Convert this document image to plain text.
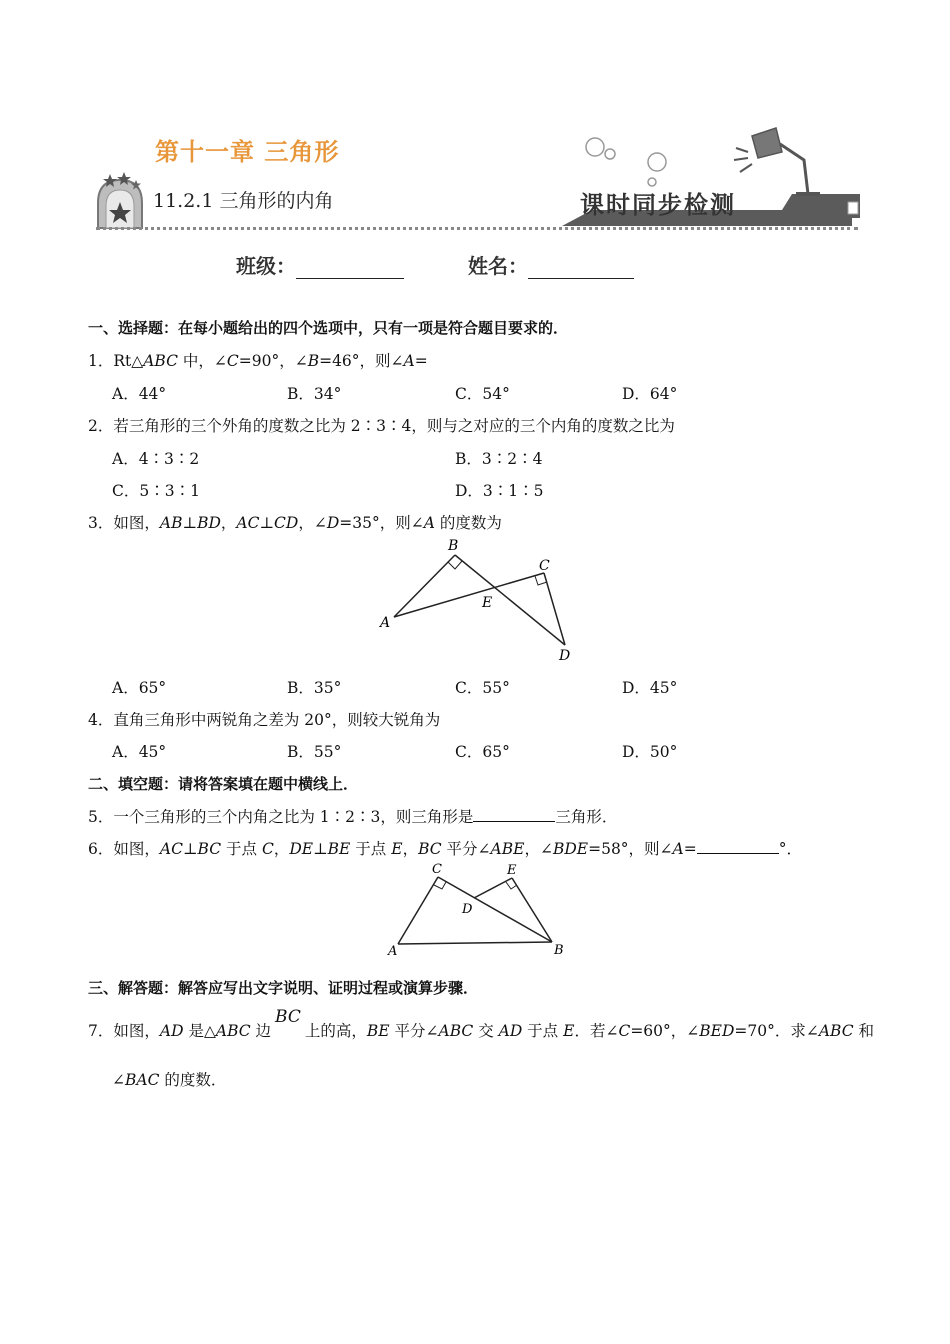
第十一章 三角形
11.2.1 三角形的内角	课时同步检测
班级：	姓名：
一、选择题：在每小题给出的四个选项中，只有一项是符合题目要求的．
1．Rt△ABC 中，∠C=90°，∠B=46°，则∠A=
A．44°	B．34°	C．54°	D．64°
2．若三角形的三个外角的度数之比为 2∶3∶4，则与之对应的三个内角的度数之比为
A．4∶3∶2	B．3∶2∶4
C．5∶3∶1	D．3∶1∶5
3．如图，AB⊥BD，AC⊥CD，∠D=35°，则∠A 的度数为
A
B
C
D
E
A．65°	B．35°	C．55°	D．45°
4．直角三角形中两锐角之差为 20°，则较大锐角为
A．45°	B．55°	C．65°	D．50°
二、填空题：请将答案填在题中横线上．
5．一个三角形的三个内角之比为 1∶2∶3，则三角形是	三角形．
6．如图，AC⊥BC 于点 C，DE⊥BE 于点 E，BC 平分∠ABE，∠BDE=58°，则∠A=	°．
A	B
C
D
E
三、解答题：解答应写出文字说明、证明过程或演算步骤．
7．如图，AD 是△ABC 边BC上的高，BE 平分∠ABC 交 AD 于点 E．若∠C=60°，∠BED=70°．求∠ABC 和
∠BAC 的度数．
